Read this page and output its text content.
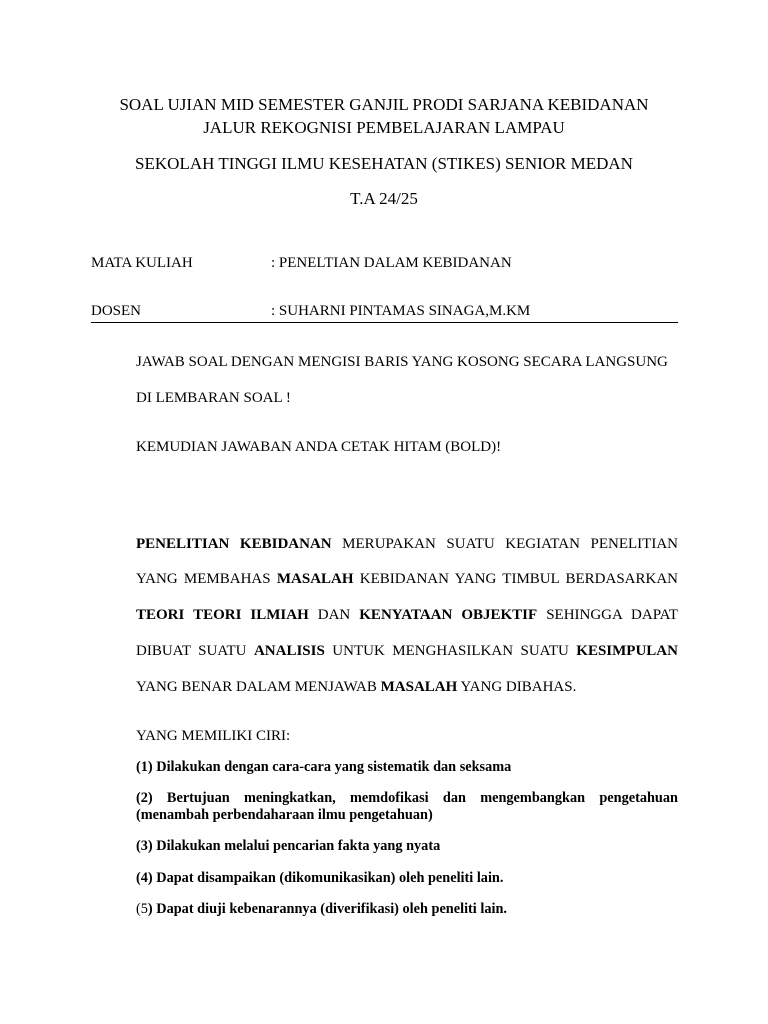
SOAL UJIAN MID SEMESTER GANJIL PRODI SARJANA KEBIDANAN
JALUR REKOGNISI PEMBELAJARAN LAMPAU
SEKOLAH TINGGI ILMU KESEHATAN (STIKES) SENIOR MEDAN
T.A 24/25
MATA KULIAH	: PENELTIAN DALAM KEBIDANAN
DOSEN	: SUHARNI PINTAMAS SINAGA,M.KM
JAWAB SOAL DENGAN MENGISI BARIS YANG KOSONG SECARA LANGSUNG
DI LEMBARAN SOAL !
KEMUDIAN JAWABAN ANDA CETAK HITAM (BOLD)!
PENELITIAN KEBIDANAN MERUPAKAN SUATU KEGIATAN PENELITIAN
YANG MEMBAHAS MASALAH KEBIDANAN YANG TIMBUL BERDASARKAN
TEORI TEORI ILMIAH DAN KENYATAAN OBJEKTIF SEHINGGA DAPAT
DIBUAT SUATU ANALISIS UNTUK MENGHASILKAN SUATU KESIMPULAN
YANG BENAR DALAM MENJAWAB MASALAH YANG DIBAHAS.
YANG MEMILIKI CIRI:
(1) Dilakukan dengan cara-cara yang sistematik dan seksama
(2) Bertujuan meningkatkan, memdofikasi dan mengembangkan pengetahuan (menambah perbendaharaan ilmu pengetahuan)
(3) Dilakukan melalui pencarian fakta yang nyata
(4) Dapat disampaikan (dikomunikasikan) oleh peneliti lain.
(5) Dapat diuji kebenarannya (diverifikasi) oleh peneliti lain.
